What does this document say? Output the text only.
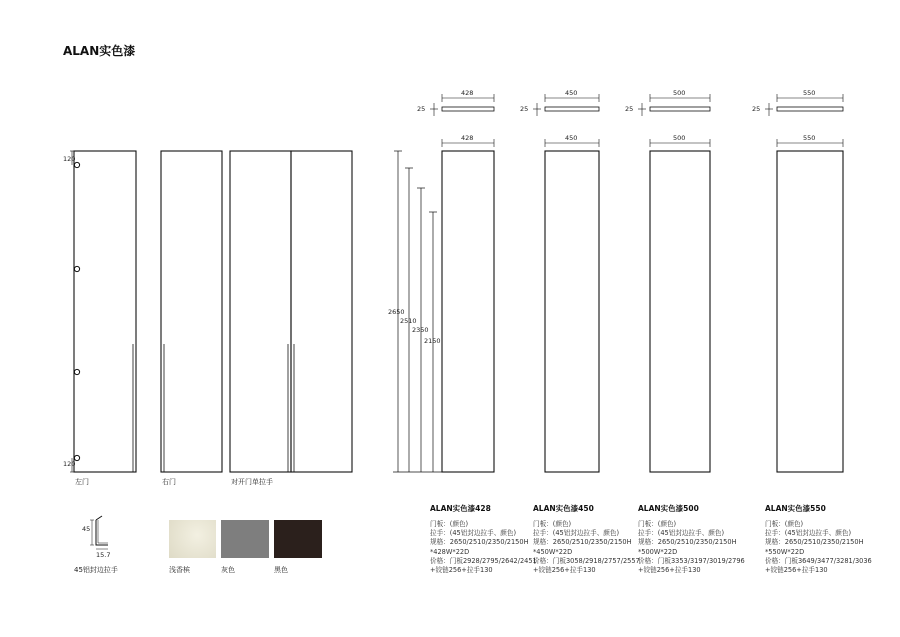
ALAN实色漆
120
120
左门	右门	对开门单拉手
2650
2510
2350
2150
428
25
428
ALAN实色漆428
门板：(颜色)
拉手：(45铝封边拉手、颜色)
规格：2650/2510/2350/2150H
*428W*22D
价格：门板2928/2795/2642/2451
+铰链256+拉手130
450
25
450
ALAN实色漆450
门板：(颜色)
拉手：(45铝封边拉手、颜色)
规格：2650/2510/2350/2150H
*450W*22D
价格：门板3058/2918/2757/2557
+铰链256+拉手130
500
25
500
ALAN实色漆500
门板：(颜色)
拉手：(45铝封边拉手、颜色)
规格：2650/2510/2350/2150H
*500W*22D
价格：门板3353/3197/3019/2796
+铰链256+拉手130
550
25
550
ALAN实色漆550
门板：(颜色)
拉手：(45铝封边拉手、颜色)
规格：2650/2510/2350/2150H
*550W*22D
价格：门板3649/3477/3281/3036
+铰链256+拉手130
45
15.7
45铝封边拉手	浅香槟	灰色	黑色
